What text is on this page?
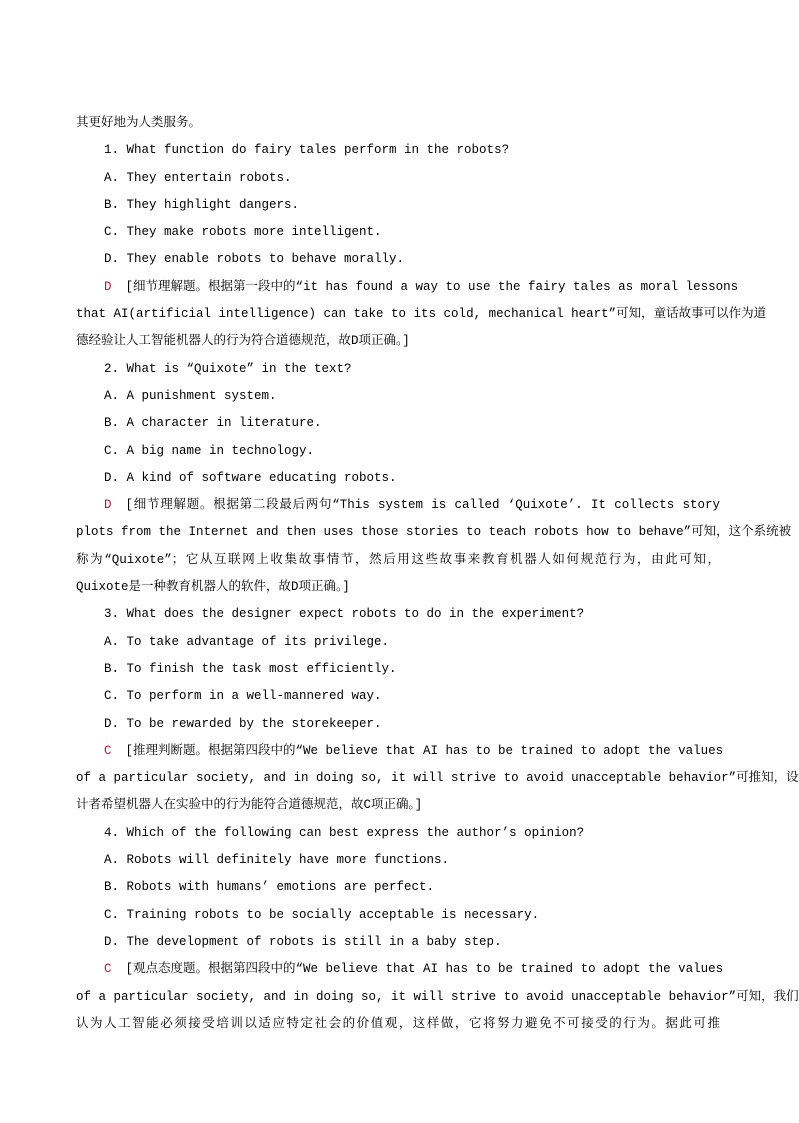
其更好地为人类服务。
1. What function do fairy tales perform in the robots?
A. They entertain robots.
B. They highlight dangers.
C. They make robots more intelligent.
D. They enable robots to behave morally.
D [细节理解题。根据第一段中的“it has found a way to use the fairy tales as moral lessons
that AI(artificial intelligence) can take to its cold, mechanical heart”可知，童话故事可以作为道
德经验让人工智能机器人的行为符合道德规范，故D项正确。]
2. What is “Quixote” in the text?
A. A punishment system.
B. A character in literature.
C. A big name in technology.
D. A kind of software educating robots.
D [细节理解题。根据第二段最后两句“This system is called ‘Quixote’. It collects story
plots from the Internet and then uses those stories to teach robots how to behave”可知，这个系统被
称为“Quixote”；它从互联网上收集故事情节，然后用这些故事来教育机器人如何规范行为，由此可知，
Quixote是一种教育机器人的软件，故D项正确。]
3. What does the designer expect robots to do in the experiment?
A. To take advantage of its privilege.
B. To finish the task most efficiently.
C. To perform in a well-mannered way.
D. To be rewarded by the storekeeper.
C [推理判断题。根据第四段中的“We believe that AI has to be trained to adopt the values
of a particular society, and in doing so, it will strive to avoid unacceptable behavior”可推知，设
计者希望机器人在实验中的行为能符合道德规范，故C项正确。]
4. Which of the following can best express the author’s opinion?
A. Robots will definitely have more functions.
B. Robots with humans’ emotions are perfect.
C. Training robots to be socially acceptable is necessary.
D. The development of robots is still in a baby step.
C [观点态度题。根据第四段中的“We believe that AI has to be trained to adopt the values
of a particular society, and in doing so, it will strive to avoid unacceptable behavior”可知，我们
认为人工智能必须接受培训以适应特定社会的价值观，这样做，它将努力避免不可接受的行为。据此可推
